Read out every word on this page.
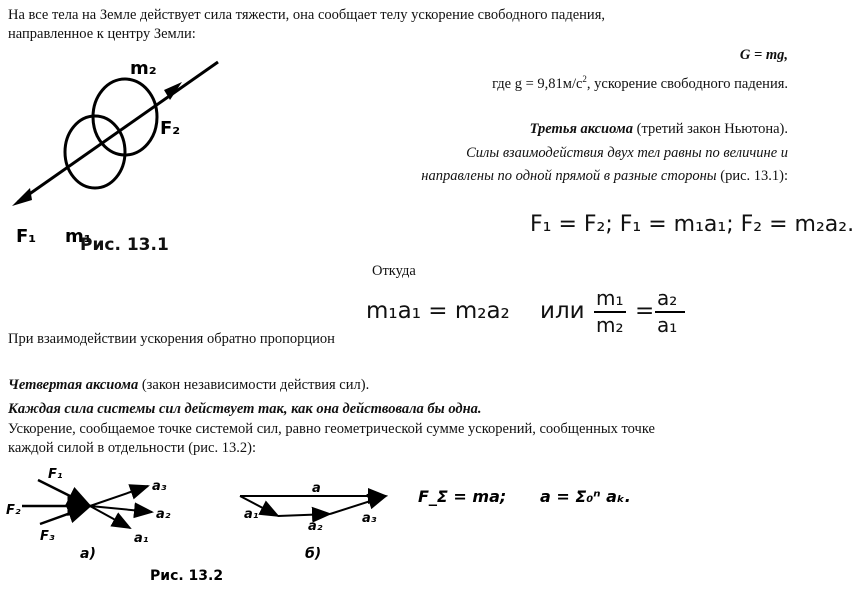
На все тела на Земле действует сила тяжести, она сообщает телу ускорение свободного падения,
направленное к центру Земли:
G = mg,
где $g = 9,81м/с^2$, ускорение свободного падения.
F₁ m₁
m₂
F₂
Рис. 13.1
Третья аксиома (третий закон Ньютона).
Силы взаимодействия двух тел равны по величине и
направлены по одной прямой в разные стороны (рис. 13.1):
F₁ = F₂; F₁ = m₁a₁; F₂ = m₂a₂.
Откуда
m₁a₁ = m₂a₂ или m₁
m₂
= a₂
a₁
При взаимодействии ускорения обратно пропорцион
Четвертая аксиома (закон независимости действия сил).
Каждая сила системы сил действует так, как она действовала бы одна.
Ускорение, сообщаемое точке системой сил, равно геометрической сумме ускорений, сообщенных точке
каждой силой в отдельности (рис. 13.2):
F₁
F₂
F₃
a₃
a₂
a₁
а)
a
a₁
a₂
a₃
б)
F_Σ = ma; a = Σ₀ⁿ aₖ.
Рис. 13.2
